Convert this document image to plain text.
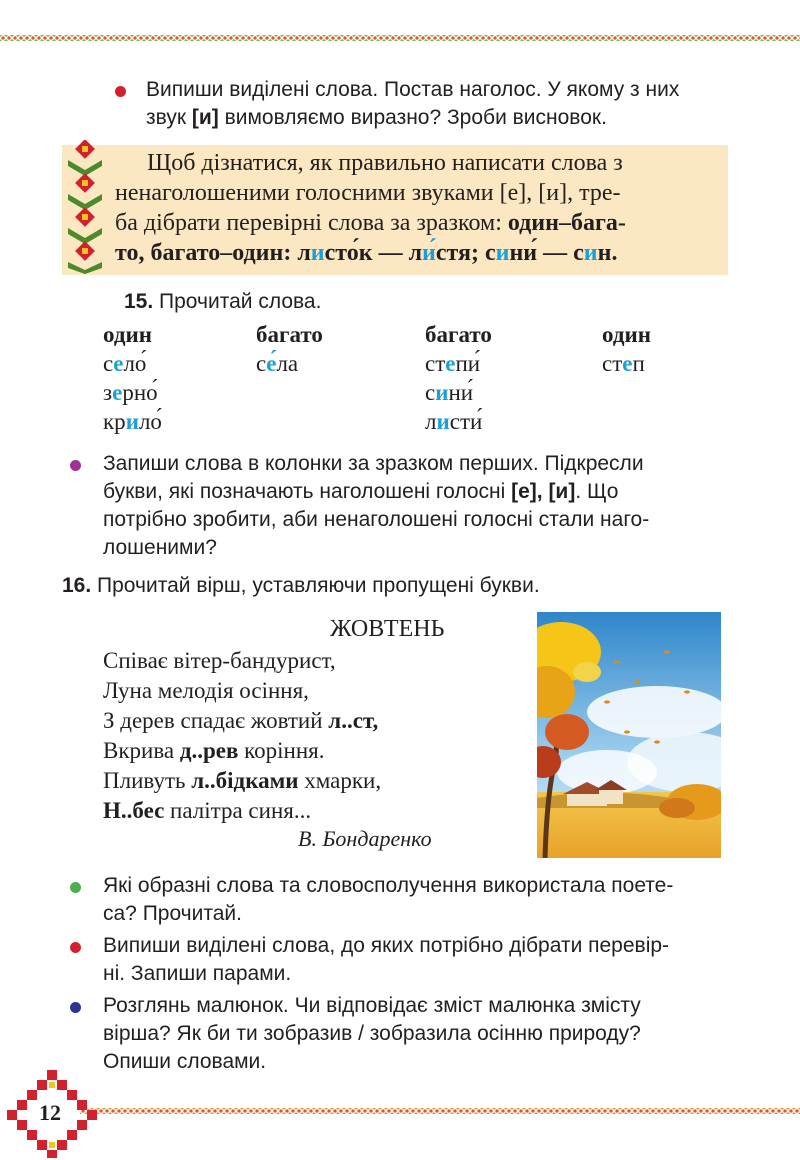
Випиши виділені слова. Постав наголос. У якому з них
звук [и] вимовляємо виразно? Зроби висновок.
Щоб дізнатися, як правильно написати слова з
ненаголошеними голосними звуками [е], [и], тре-
ба дібрати перевірні слова за зразком: один–бага-
то, багато–один: листо́к — ли́стя; сини́ — син.
15. Прочитай слова.
один
село́
зерно́
крило́
багато
се́ла
багато
степи́
сини́
листи́
один
степ
Запиши слова в колонки за зразком перших. Підкресли
букви, які позначають наголошені голосні [е], [и]. Що
потрібно зробити, аби ненаголошені голосні стали наго-
лошеними?
16. Прочитай вірш, уставляючи пропущені букви.
ЖОВТЕНЬ
Співає вітер-бандурист,
Луна мелодія осіння,
З дерев спадає жовтий л..ст,
Вкрива д..рев коріння.
Пливуть л..бідками хмарки,
Н..бес палітра синя...
В. Бондаренко
Які образні слова та словосполучення використала поете-
са? Прочитай.
Випиши виділені слова, до яких потрібно дібрати перевір-
ні. Запиши парами.
Розглянь малюнок. Чи відповідає зміст малюнка змісту
вірша? Як би ти зобразив / зобразила осінню природу?
Опиши словами.
12
